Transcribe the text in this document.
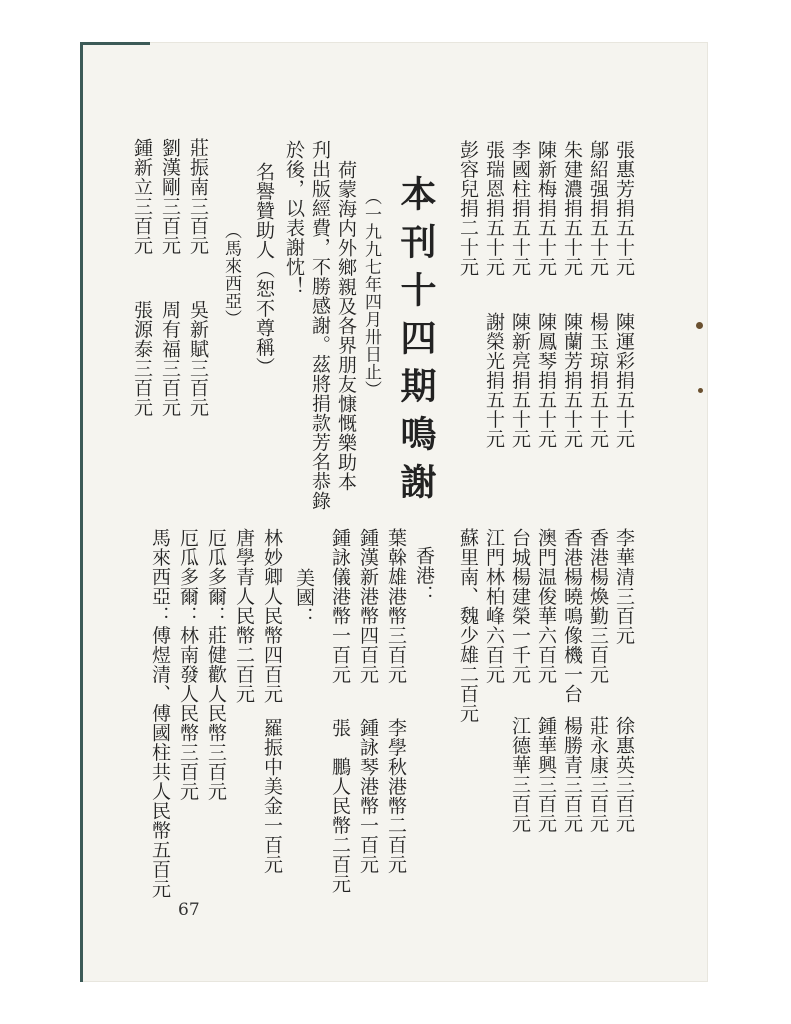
本刊十四期鳴謝	張惠芳捐五十元
陳運彩捐五十元
鄔紹强捐五十元
楊玉琼捐五十元
朱建濃捐五十元
陳蘭芳捐五十元
陳新梅捐五十元
陳鳳琴捐五十元
李國柱捐五十元
陳新亮捐五十元
張瑞恩捐五十元
謝榮光捐五十元
彭容兒捐二十元
（一九九七年四月卅日止）
荷蒙海内外鄉親及各界朋友慷慨樂助本
刋出版經費，不勝感謝。茲將捐款芳名恭錄
於後，以表謝忱！
名譽贊助人（恕不尊稱）
（馬來西亞）
莊振南三百元
吳新賦三百元
劉漢剛三百元
周有福三百元
鍾新立三百元
張源泰三百元
李華清三百元
徐惠英三百元
香港楊煥勤三百元
莊永康三百元
香港楊曉鳴像機一台
楊勝青三百元
澳門温俊華六百元
鍾華興三百元
台城楊建榮一千元
江德華三百元
江門林柏峰六百元
蘇里南、魏少雄二百元
香港：
葉榦雄港幣三百元
李學秋港幣二百元
鍾漢新港幣四百元
鍾詠琴港幣一百元
鍾詠儀港幣一百元
張　鵬人民幣二百元
美國：
林妙卿人民幣四百元
羅振中美金一百元
唐學青人民幣二百元
厄瓜多爾：莊健歡人民幣三百元
厄瓜多爾：林南發人民幣三百元
馬來西亞：傅煜清、傅國柱共人民幣五百元
67
